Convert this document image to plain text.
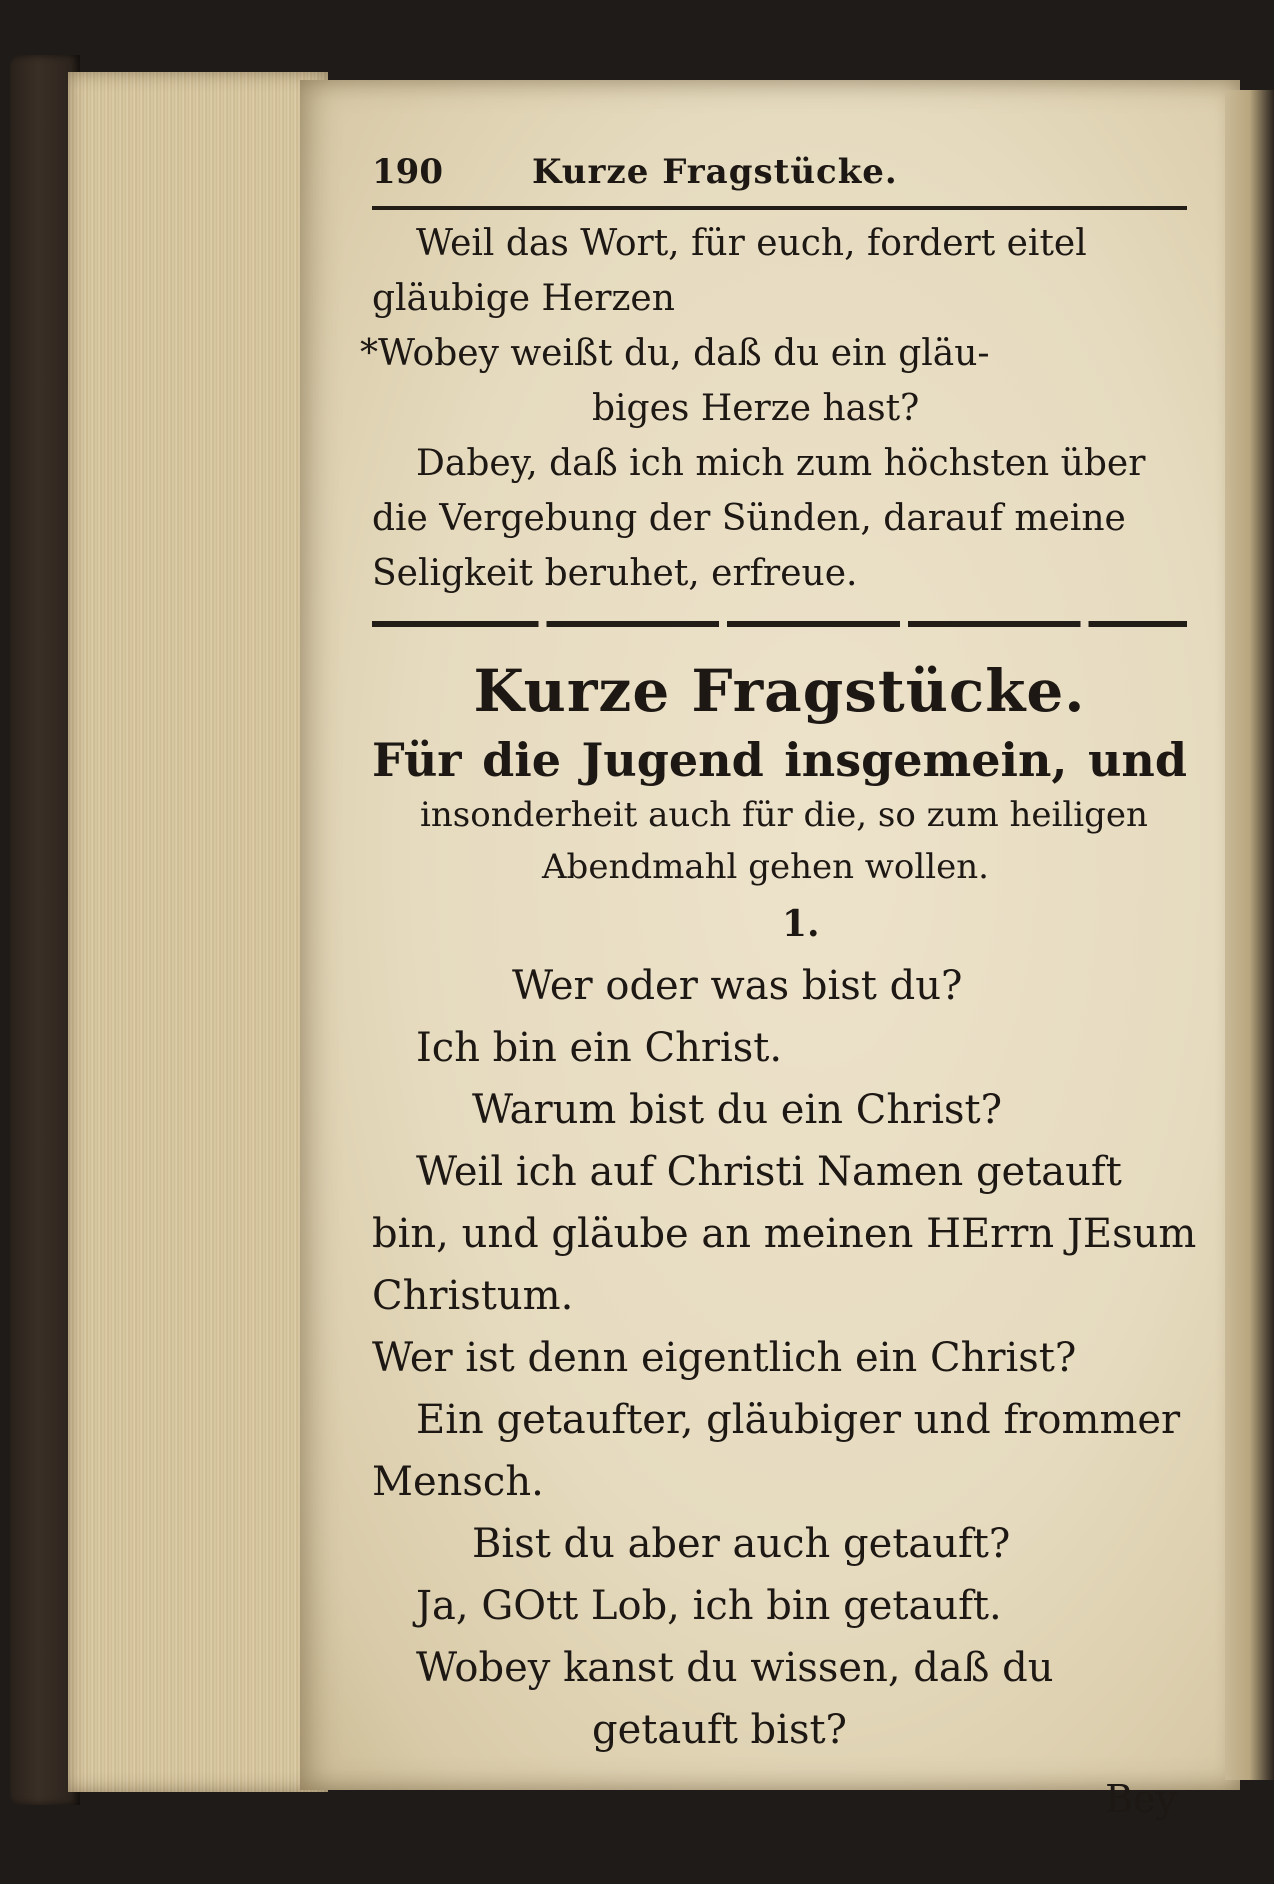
190	Kurze Fragstücke.
Weil das Wort, für euch, fordert eitel
gläubige Herzen
*Wobey weißt du, daß du ein gläu-
biges Herze hast?
Dabey, daß ich mich zum höchsten über
die Vergebung der Sünden, darauf meine
Seligkeit beruhet, erfreue.
Kurze Fragstücke.
Für die Jugend insgemein, und
insonderheit auch für die, so zum heiligen
Abendmahl gehen wollen.
1.
Wer oder was bist du?
Ich bin ein Christ.
Warum bist du ein Christ?
Weil ich auf Christi Namen getauft
bin, und gläube an meinen HErrn JEsum
Christum.
Wer ist denn eigentlich ein Christ?
Ein getaufter, gläubiger und frommer
Mensch.
Bist du aber auch getauft?
Ja, GOtt Lob, ich bin getauft.
Wobey kanst du wissen, daß du
getauft bist?
Bey
